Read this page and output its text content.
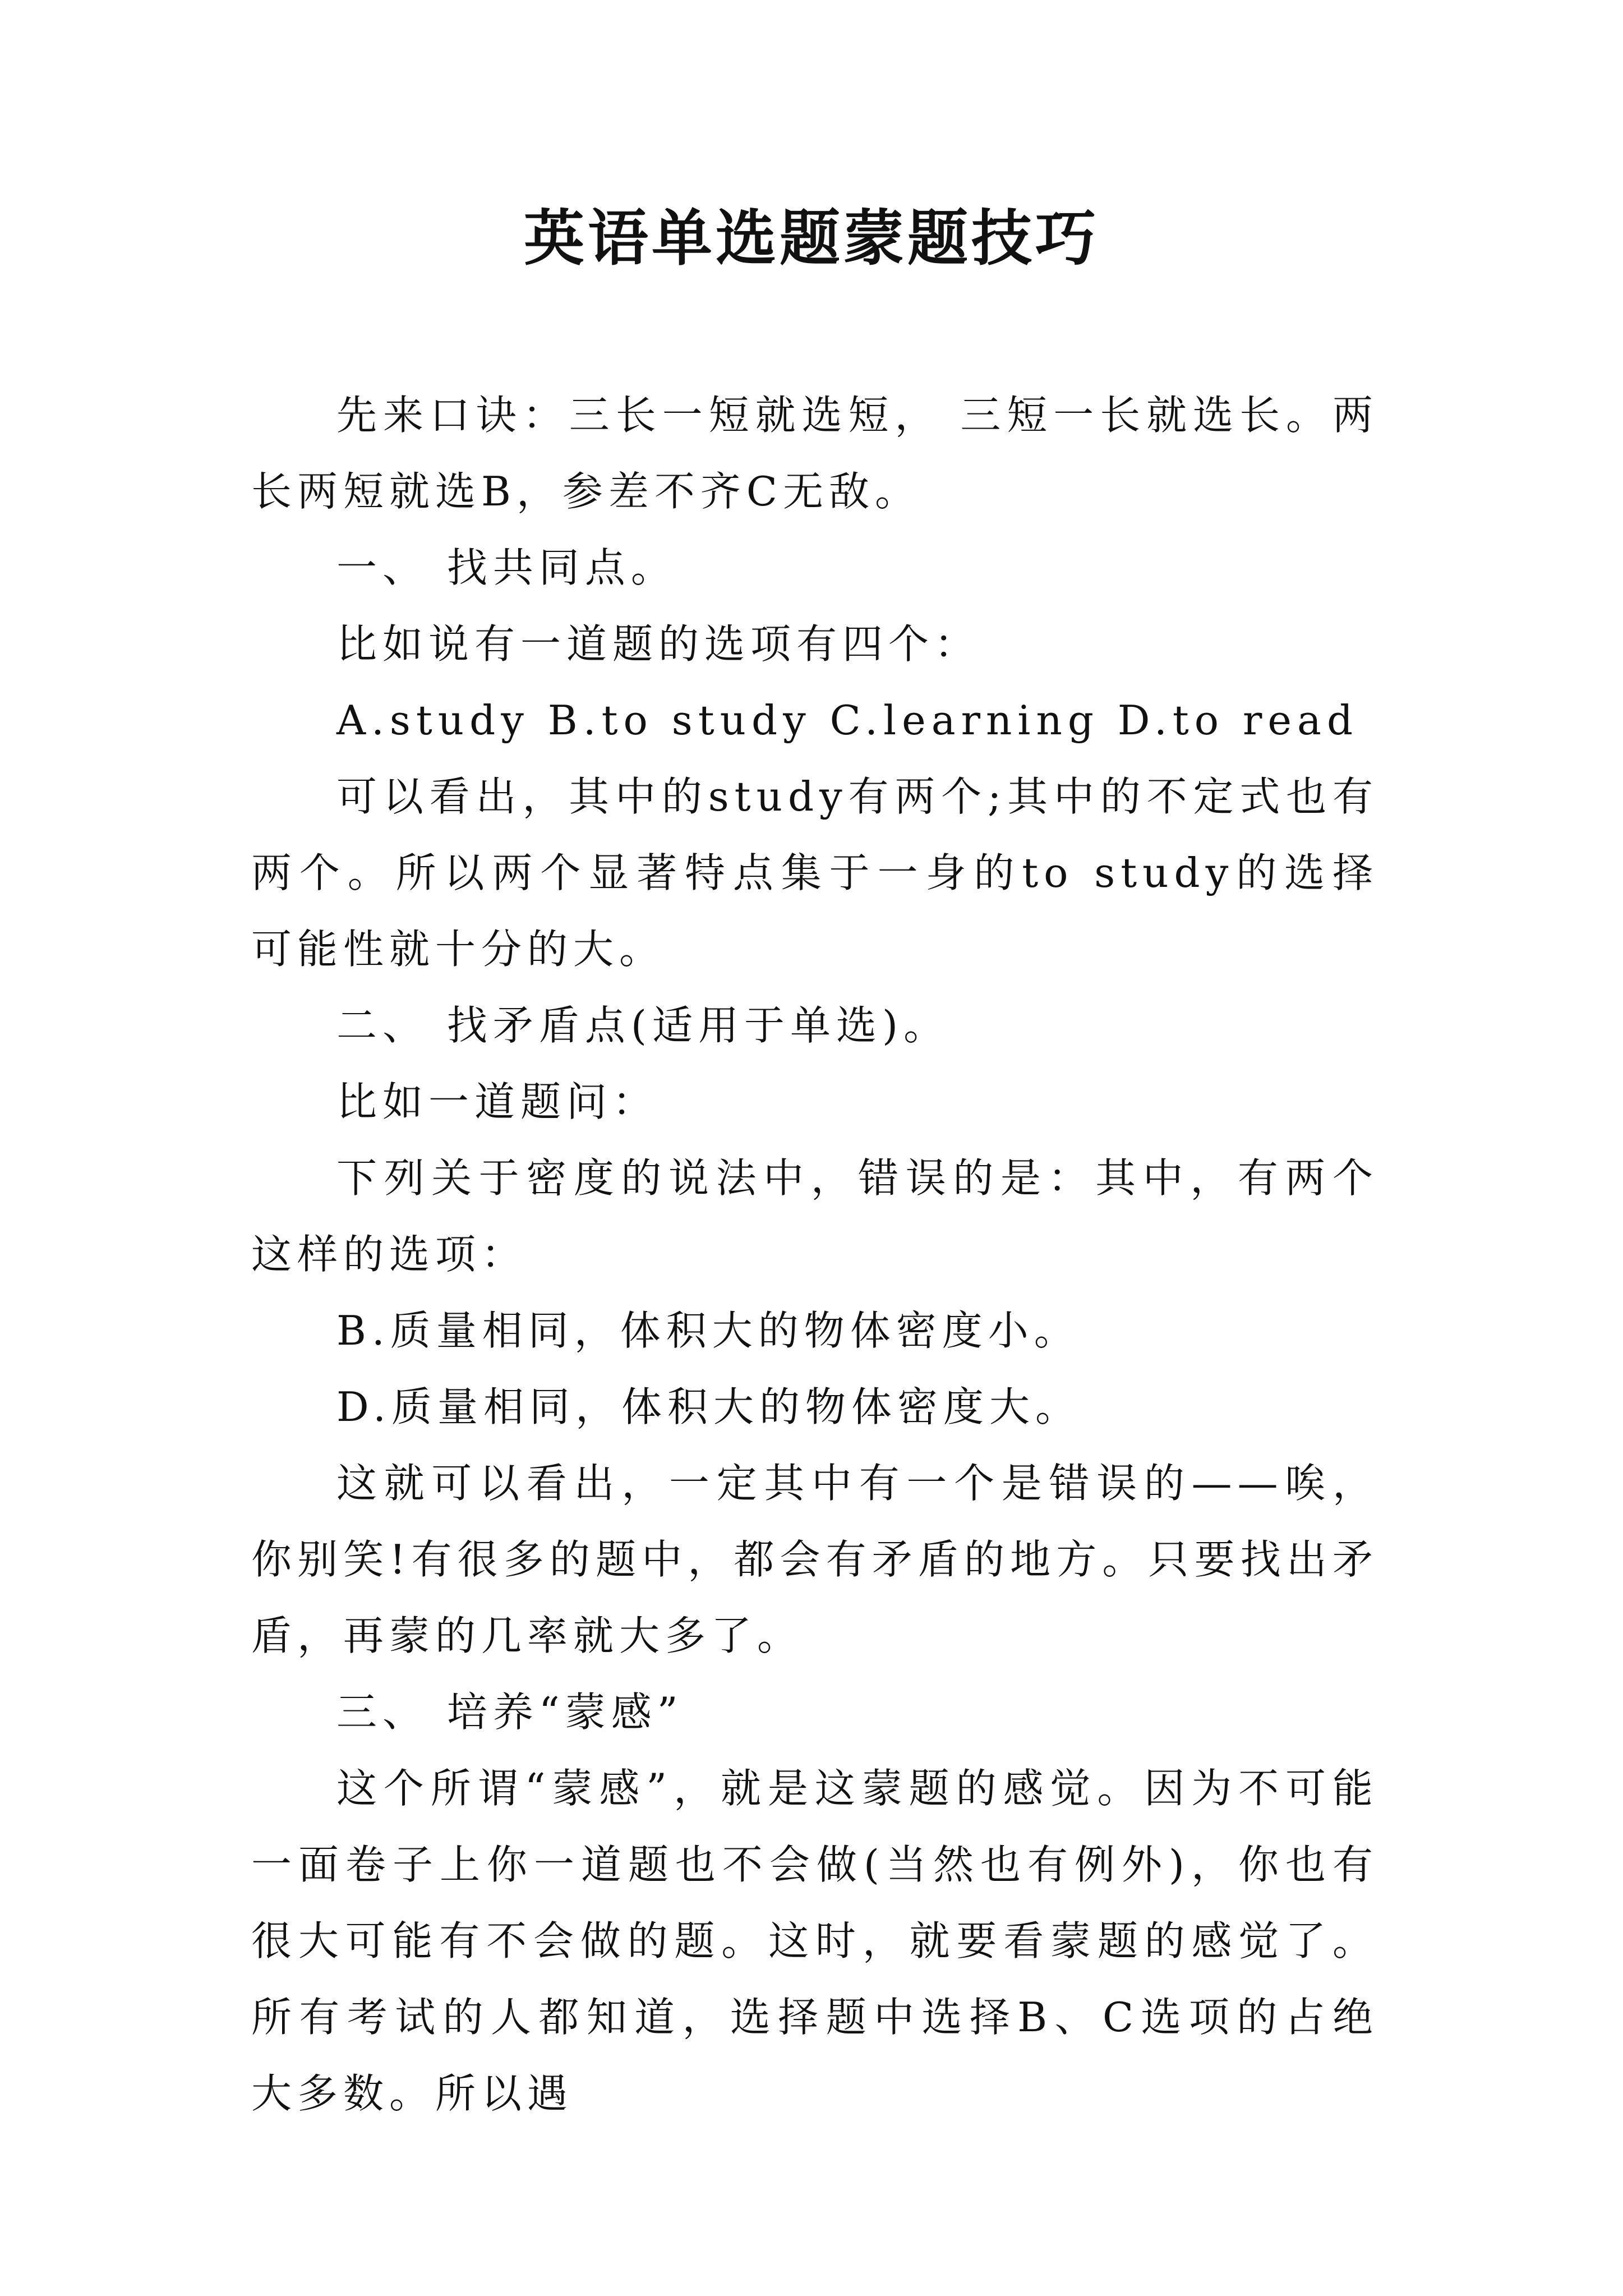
英语单选题蒙题技巧

先来口诀：三长一短就选短， 三短一长就选长。两长两短就选B，参差不齐C无敌。

一、 找共同点。

比如说有一道题的选项有四个：

A.study B.to study C.learning D.to read

可以看出，其中的study有两个;其中的不定式也有两个。所以两个显著特点集于一身的to study的选择可能性就十分的大。

二、 找矛盾点(适用于单选)。

比如一道题问：

下列关于密度的说法中，错误的是：其中，有两个这样的选项：

B.质量相同，体积大的物体密度小。

D.质量相同，体积大的物体密度大。

这就可以看出，一定其中有一个是错误的——唉，你别笑!有很多的题中，都会有矛盾的地方。只要找出矛盾，再蒙的几率就大多了。

三、 培养“蒙感”

这个所谓“蒙感”，就是这蒙题的感觉。因为不可能一面卷子上你一道题也不会做(当然也有例外)，你也有很大可能有不会做的题。这时，就要看蒙题的感觉了。所有考试的人都知道，选择题中选择B、C选项的占绝大多数。所以遇
